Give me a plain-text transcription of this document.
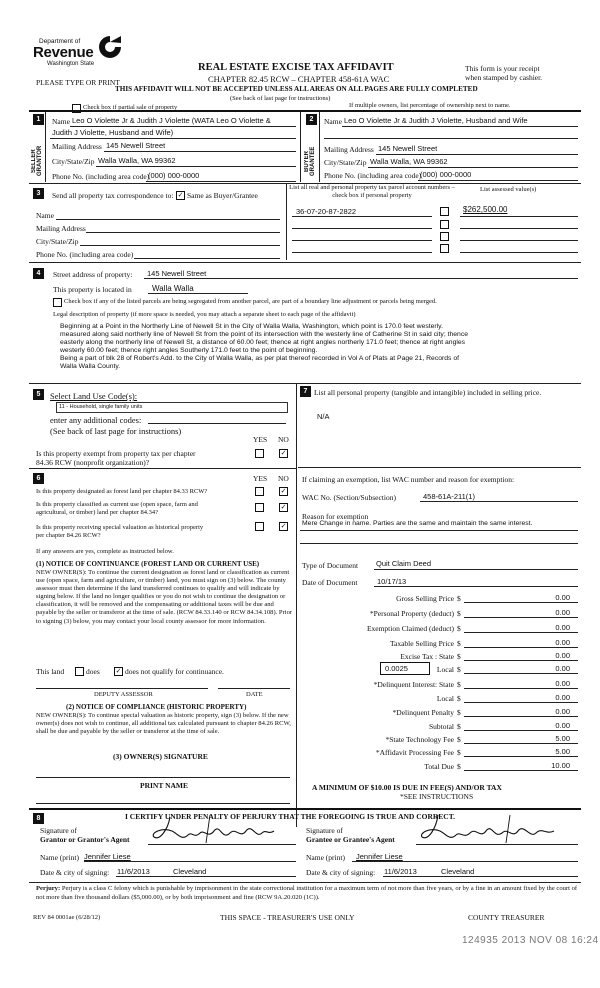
Department of
Revenue
Washington State	REAL ESTATE EXCISE TAX AFFIDAVIT
CHAPTER 82.45 RCW – CHAPTER 458-61A WAC
THIS AFFIDAVIT WILL NOT BE ACCEPTED UNLESS ALL AREAS ON ALL PAGES ARE FULLY COMPLETED
(See back of last page for instructions)
PLEASE TYPE OR PRINT
This form is your receipt
when stamped by cashier.
Check box if partial sale of property	If multiple owners, list percentage of ownership next to name.
1
SELLER GRANTOR
Name Leo O Violette Jr & Judith J Violette (WATA Leo O Violette &
Judith J Violette, Husband and Wife)
Mailing Address 145 Newell Street
City/State/Zip Walla Walla, WA 99362
Phone No. (including area code)
(000) 000-0000
2
BUYER GRANTEE
Name Leo O Violette Jr & Judith J Violette, Husband and Wife
Mailing Address 145 Newell Street
City/State/Zip Walla Walla, WA 99362
Phone No. (including area code)
(000) 000-0000
3	Send all property tax correspondence to: ✓ Same as Buyer/Grantee
List all real and personal property tax parcel account numbers – check box if personal property
List assessed value(s)
Name
Mailing Address
City/State/Zip
Phone No. (including area code)
36-07-20-87-2822	$262,500.00
4	Street address of property: 145 Newell Street
This property is located in	Walla Walla
Check box if any of the listed parcels are being segregated from another parcel, are part of a boundary line adjustment or parcels being merged.
Legal description of property (if more space is needed, you may attach a separate sheet to each page of the affidavit)
Beginning at a Point in the Northerly Line of Newell St in the City of Walla Walla, Washington, which point is 170.0 feet westerly.
measured along said northerly line of Newell St from the point of its intersection with the westerly line of Catherine St in said city; thence
easterly along the northerly line of Newell St, a distance of 60.00 feet; thence at right angles northerly 171.0 feet; thence at right angles
westerly 60.00 feet; thence right angles Southerly 171.0 feet to the point of beginning.
Being a part of blk 28 of Robert's Add. to the City of Walla Walla, as per plat thereof recorded in Vol A of Plats at Page 21, Records of
Walla Walla County.
5	Select Land Use Code(s):
11 - Household, single family units
enter any additional codes:
(See back of last page for instructions)
YES NO
Is this property exempt from property tax per chapter
84.36 RCW (nonprofit organization)?
✓
6	YES NO
Is this property designated as forest land per chapter 84.33 RCW?	✓
Is this property classified as current use (open space, farm and
agricultural, or timber) land per chapter 84.34?
✓
Is this property receiving special valuation as historical property
per chapter 84.26 RCW?
✓
If any answers are yes, complete as instructed below.
(1) NOTICE OF CONTINUANCE (FOREST LAND OR CURRENT USE)
NEW OWNER(S): To continue the current designation as forest land or classification as current use (open space, farm and agriculture, or timber) land, you must sign on (3) below. The county assessor must then determine if the land transferred continues to qualify and will indicate by signing below. If the land no longer qualifies or you do not wish to continue the designation or classification, it will be removed and the compensating or additional taxes will be due and payable by the seller or transferor at the time of sale. (RCW 84.33.140 or RCW 84.34.108). Prior to signing (3) below, you may contact your local county assessor for more information.
This land	does ✓ does not qualify for continuance.
DEPUTY ASSESSOR	DATE
(2) NOTICE OF COMPLIANCE (HISTORIC PROPERTY)
NEW OWNER(S): To continue special valuation as historic property, sign (3) below. If the new owner(s) does not wish to continue, all additional tax calculated pursuant to chapter 84.26 RCW, shall be due and payable by the seller or transferor at the time of sale.
(3) OWNER(S) SIGNATURE
PRINT NAME
7 List all personal property (tangible and intangible) included in selling price.
N/A
If claiming an exemption, list WAC number and reason for exemption:
WAC No. (Section/Subsection)	458-61A-211(1)
Reason for exemption
Mere Change in name. Parties are the same and maintain the same interest.
Type of Document Quit Claim Deed
Date of Document	10/17/13
Gross Selling Price $	0.00
*Personal Property (deduct) $	0.00
Exemption Claimed (deduct) $	0.00
Taxable Selling Price $	0.00
Excise Tax : State $	0.00
0.0025	Local $	0.00
*Delinquent Interest: State $	0.00
Local $	0.00
*Delinquent Penalty $	0.00
Subtotal $	0.00
*State Technology Fee $	5.00
*Affidavit Processing Fee $	5.00
Total Due $	10.00
A MINIMUM OF $10.00 IS DUE IN FEE(S) AND/OR TAX
*SEE INSTRUCTIONS
8	I CERTIFY UNDER PENALTY OF PERJURY THAT THE FOREGOING IS TRUE AND CORRECT.
Signature of
Grantor or Grantor's Agent
Name (print) Jennifer Liese
Date & city of signing: 11/6/2013	Cleveland
Signature of
Grantee or Grantee's Agent
Name (print) Jennifer Liese
Date & city of signing: 11/6/2013	Cleveland
Perjury: Perjury is a class C felony which is punishable by imprisonment in the state correctional institution for a maximum term of not more than five years, or by a fine in an amount fixed by the court of not more than five thousand dollars ($5,000.00), or by both imprisonment and fine (RCW 9A.20.020 (1C)).
REV 84 0001ae (6/28/12)	THIS SPACE - TREASURER'S USE ONLY	COUNTY TREASURER
124935 2013 NOV 08 16:24
